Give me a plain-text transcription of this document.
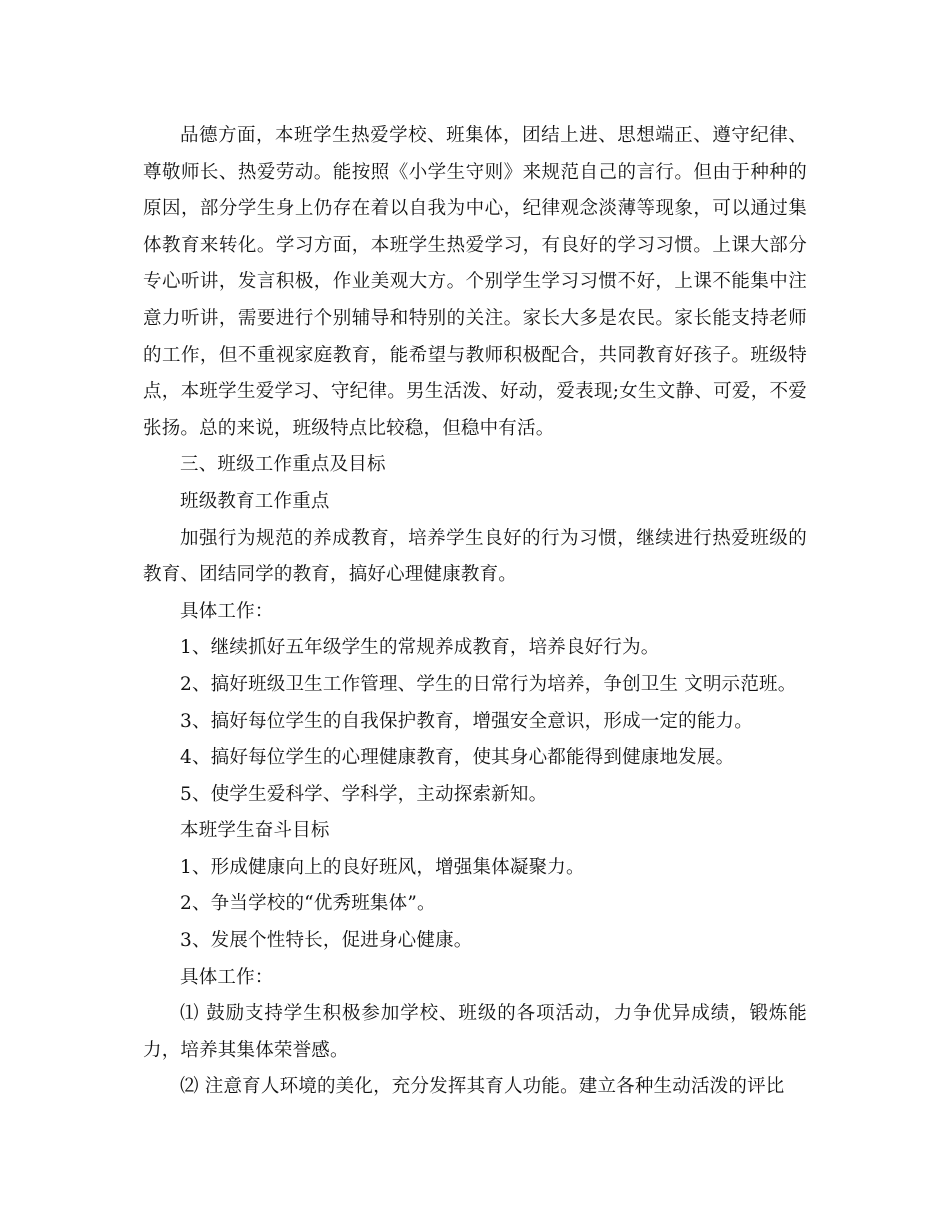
品德方面，本班学生热爱学校、班集体，团结上进、思想端正、遵守纪律、尊敬师长、热爱劳动。能按照《小学生守则》来规范自己的言行。但由于种种的原因，部分学生身上仍存在着以自我为中心，纪律观念淡薄等现象，可以通过集体教育来转化。学习方面，本班学生热爱学习，有良好的学习习惯。上课大部分专心听讲，发言积极，作业美观大方。个别学生学习习惯不好，上课不能集中注意力听讲，需要进行个别辅导和特别的关注。家长大多是农民。家长能支持老师的工作，但不重视家庭教育，能希望与教师积极配合，共同教育好孩子。班级特点，本班学生爱学习、守纪律。男生活泼、好动，爱表现;女生文静、可爱，不爱张扬。总的来说，班级特点比较稳，但稳中有活。

三、班级工作重点及目标

班级教育工作重点

加强行为规范的养成教育，培养学生良好的行为习惯，继续进行热爱班级的教育、团结同学的教育，搞好心理健康教育。

具体工作：

1、继续抓好五年级学生的常规养成教育，培养良好行为。

2、搞好班级卫生工作管理、学生的日常行为培养，争创卫生 文明示范班。

3、搞好每位学生的自我保护教育，增强安全意识，形成一定的能力。

4、搞好每位学生的心理健康教育，使其身心都能得到健康地发展。

5、使学生爱科学、学科学，主动探索新知。

本班学生奋斗目标

1、形成健康向上的良好班风，增强集体凝聚力。

2、争当学校的“优秀班集体”。

3、发展个性特长，促进身心健康。

具体工作：

⑴ 鼓励支持学生积极参加学校、班级的各项活动，力争优异成绩，锻炼能力，培养其集体荣誉感。

⑵ 注意育人环境的美化，充分发挥其育人功能。建立各种生动活泼的评比
